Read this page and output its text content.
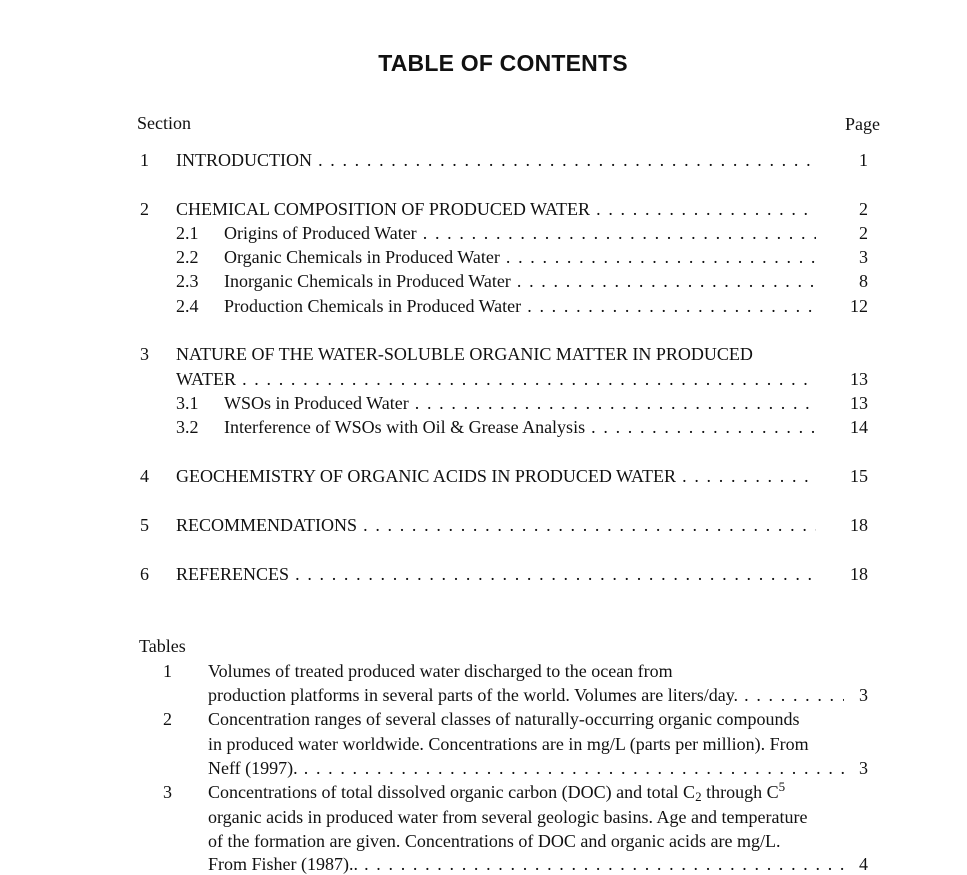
TABLE OF CONTENTS
Section	Page
1 INTRODUCTION . . .	1
2 CHEMICAL COMPOSITION OF PRODUCED WATER . . .	2
2.1 Origins of Produced Water . . .	2
2.2 Organic Chemicals in Produced Water . . .	3
2.3 Inorganic Chemicals in Produced Water . . .	8
2.4 Production Chemicals in Produced Water . . .	12
3 NATURE OF THE WATER-SOLUBLE ORGANIC MATTER IN PRODUCED
WATER . . .	13
3.1 WSOs in Produced Water . . .	13
3.2 Interference of WSOs with Oil & Grease Analysis . . .	14
4 GEOCHEMISTRY OF ORGANIC ACIDS IN PRODUCED WATER . . .	15
5 RECOMMENDATIONS . . .	18
6 REFERENCES . . .	18
Tables
1 Volumes of treated produced water discharged to the ocean from
production platforms in several parts of the world. Volumes are liters/day. . . .	3
2 Concentration ranges of several classes of naturally-occurring organic compounds
in produced water worldwide. Concentrations are in mg/L (parts per million). From
Neff (1997). . . .	3
3 Concentrations of total dissolved organic carbon (DOC) and total $C_2$ through $C^5$
organic acids in produced water from several geologic basins. Age and temperature
of the formation are given. Concentrations of DOC and organic acids are mg/L.
From Fisher (1987).. . . .	4
